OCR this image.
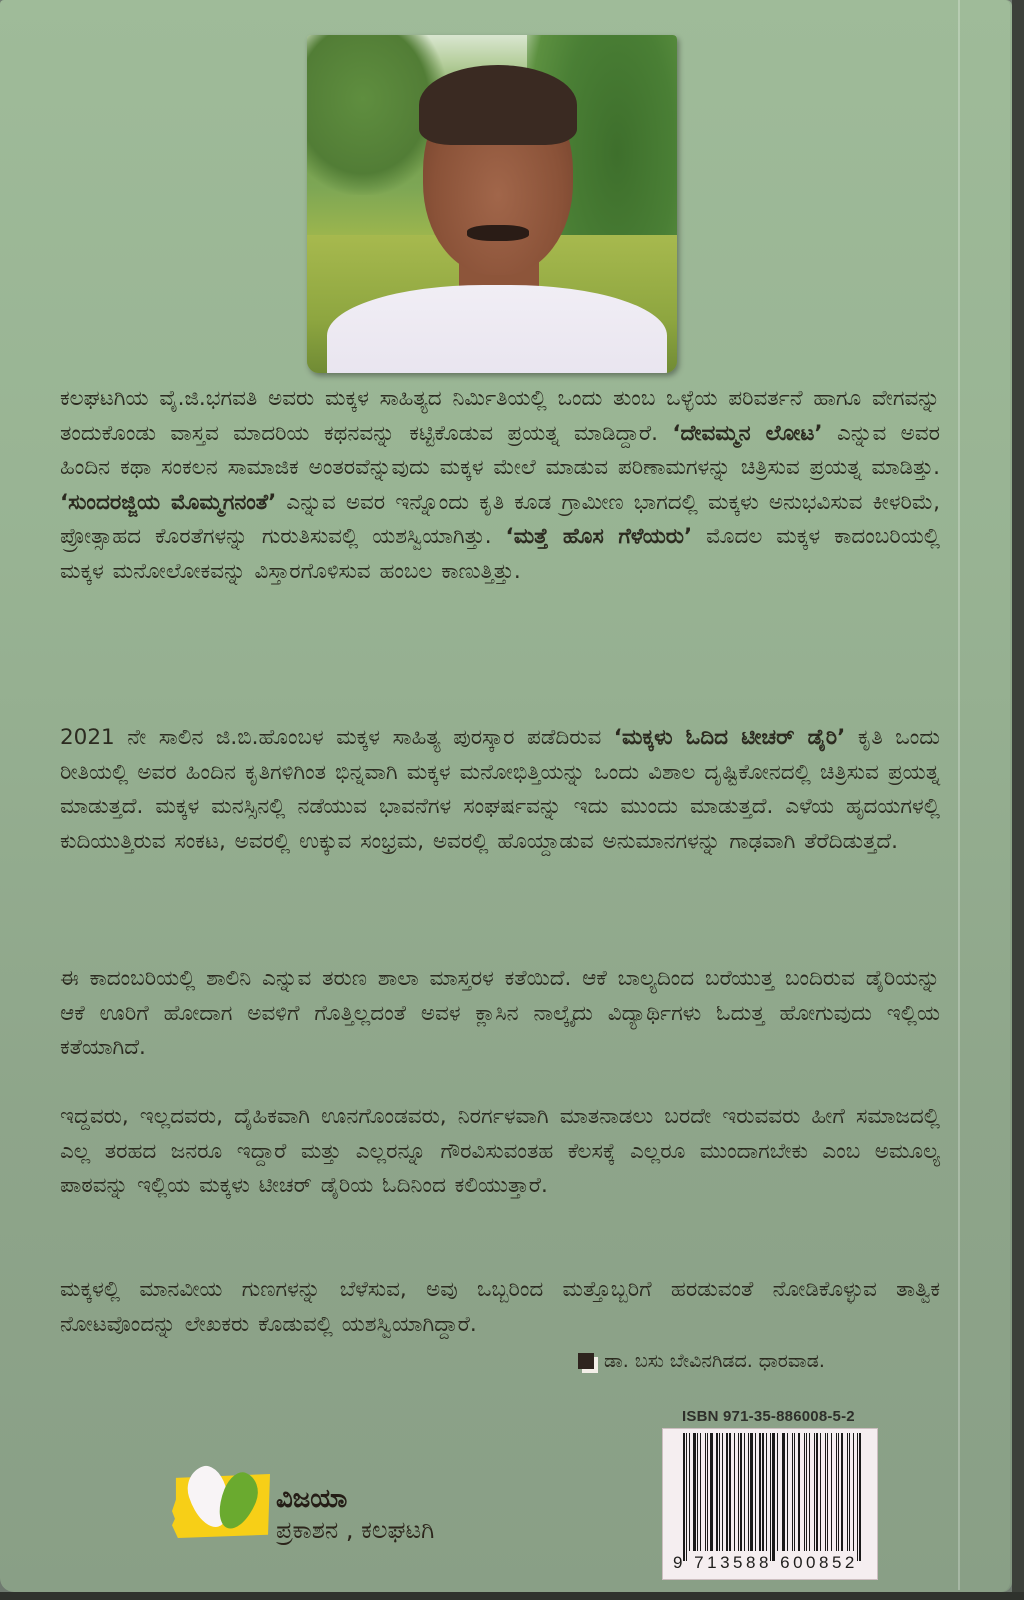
ಕಲಘಟಗಿಯ ವೈ.ಜಿ.ಭಗವತಿ ಅವರು ಮಕ್ಕಳ ಸಾಹಿತ್ಯದ ನಿರ್ಮಿತಿಯಲ್ಲಿ ಒಂದು ತುಂಬ ಒಳ್ಳೆಯ ಪರಿವರ್ತನೆ ಹಾಗೂ ವೇಗವನ್ನು ತಂದುಕೊಂಡು ವಾಸ್ತವ ಮಾದರಿಯ ಕಥನವನ್ನು ಕಟ್ಟಿಕೊಡುವ ಪ್ರಯತ್ನ ಮಾಡಿದ್ದಾರೆ. ‘ದೇವಮ್ಮನ ಲೋಟ’ ಎನ್ನುವ ಅವರ ಹಿಂದಿನ ಕಥಾ ಸಂಕಲನ ಸಾಮಾಜಿಕ ಅಂತರವೆನ್ನುವುದು ಮಕ್ಕಳ ಮೇಲೆ ಮಾಡುವ ಪರಿಣಾಮಗಳನ್ನು ಚಿತ್ರಿಸುವ ಪ್ರಯತ್ನ ಮಾಡಿತ್ತು. ‘ಸುಂದರಜ್ಜಿಯ ಮೊಮ್ಮಗನಂತೆ’ ಎನ್ನುವ ಅವರ ಇನ್ನೊಂದು ಕೃತಿ ಕೂಡ ಗ್ರಾಮೀಣ ಭಾಗದಲ್ಲಿ ಮಕ್ಕಳು ಅನುಭವಿಸುವ ಕೀಳರಿಮೆ, ಪ್ರೋತ್ಸಾಹದ ಕೊರತೆಗಳನ್ನು ಗುರುತಿಸುವಲ್ಲಿ ಯಶಸ್ವಿಯಾಗಿತ್ತು. ‘ಮತ್ತೆ ಹೊಸ ಗೆಳೆಯರು’ ಮೊದಲ ಮಕ್ಕಳ ಕಾದಂಬರಿಯಲ್ಲಿ ಮಕ್ಕಳ ಮನೋಲೋಕವನ್ನು ವಿಸ್ತಾರಗೊಳಿಸುವ ಹಂಬಲ ಕಾಣುತ್ತಿತ್ತು.

2021 ನೇ ಸಾಲಿನ ಜಿ.ಬಿ.ಹೊಂಬಳ ಮಕ್ಕಳ ಸಾಹಿತ್ಯ ಪುರಸ್ಕಾರ ಪಡೆದಿರುವ ‘ಮಕ್ಕಳು ಓದಿದ ಟೀಚರ್ ಡೈರಿ’ ಕೃತಿ ಒಂದು ರೀತಿಯಲ್ಲಿ ಅವರ ಹಿಂದಿನ ಕೃತಿಗಳಿಗಿಂತ ಭಿನ್ನವಾಗಿ ಮಕ್ಕಳ ಮನೋಭಿತ್ತಿಯನ್ನು ಒಂದು ವಿಶಾಲ ದೃಷ್ಟಿಕೋನದಲ್ಲಿ ಚಿತ್ರಿಸುವ ಪ್ರಯತ್ನ ಮಾಡುತ್ತದೆ. ಮಕ್ಕಳ ಮನಸ್ಸಿನಲ್ಲಿ ನಡೆಯುವ ಭಾವನೆಗಳ ಸಂಘರ್ಷವನ್ನು ಇದು ಮುಂದು ಮಾಡುತ್ತದೆ. ಎಳೆಯ ಹೃದಯಗಳಲ್ಲಿ ಕುದಿಯುತ್ತಿರುವ ಸಂಕಟ, ಅವರಲ್ಲಿ ಉಕ್ಕುವ ಸಂಭ್ರಮ, ಅವರಲ್ಲಿ ಹೊಯ್ದಾಡುವ ಅನುಮಾನಗಳನ್ನು ಗಾಢವಾಗಿ ತೆರೆದಿಡುತ್ತದೆ.

ಈ ಕಾದಂಬರಿಯಲ್ಲಿ ಶಾಲಿನಿ ಎನ್ನುವ ತರುಣ ಶಾಲಾ ಮಾಸ್ತರಳ ಕತೆಯಿದೆ. ಆಕೆ ಬಾಲ್ಯದಿಂದ ಬರೆಯುತ್ತ ಬಂದಿರುವ ಡೈರಿಯನ್ನು ಆಕೆ ಊರಿಗೆ ಹೋದಾಗ ಅವಳಿಗೆ ಗೊತ್ತಿಲ್ಲದಂತೆ ಅವಳ ಕ್ಲಾಸಿನ ನಾಲ್ಕೈದು ವಿದ್ಯಾರ್ಥಿಗಳು ಓದುತ್ತ ಹೋಗುವುದು ಇಲ್ಲಿಯ ಕತೆಯಾಗಿದೆ.

ಇದ್ದವರು, ಇಲ್ಲದವರು, ದೈಹಿಕವಾಗಿ ಊನಗೊಂಡವರು, ನಿರರ್ಗಳವಾಗಿ ಮಾತನಾಡಲು ಬರದೇ ಇರುವವರು ಹೀಗೆ ಸಮಾಜದಲ್ಲಿ ಎಲ್ಲ ತರಹದ ಜನರೂ ಇದ್ದಾರೆ ಮತ್ತು ಎಲ್ಲರನ್ನೂ ಗೌರವಿಸುವಂತಹ ಕೆಲಸಕ್ಕೆ ಎಲ್ಲರೂ ಮುಂದಾಗಬೇಕು ಎಂಬ ಅಮೂಲ್ಯ ಪಾಠವನ್ನು ಇಲ್ಲಿಯ ಮಕ್ಕಳು ಟೀಚರ್ ಡೈರಿಯ ಓದಿನಿಂದ ಕಲಿಯುತ್ತಾರೆ.

ಮಕ್ಕಳಲ್ಲಿ ಮಾನವೀಯ ಗುಣಗಳನ್ನು ಬೆಳೆಸುವ, ಅವು ಒಬ್ಬರಿಂದ ಮತ್ತೊಬ್ಬರಿಗೆ ಹರಡುವಂತೆ ನೋಡಿಕೊಳ್ಳುವ ತಾತ್ವಿಕ ನೋಟವೊಂದನ್ನು ಲೇಖಕರು ಕೊಡುವಲ್ಲಿ ಯಶಸ್ವಿಯಾಗಿದ್ದಾರೆ.

ಡಾ. ಬಸು ಬೇವಿನಗಿಡದ. ಧಾರವಾಡ.
ISBN 971-35-886008-5-2
9 713588 600852
ವಿಜಯಾ
ಪ್ರಕಾಶನ , ಕಲಘಟಗಿ
